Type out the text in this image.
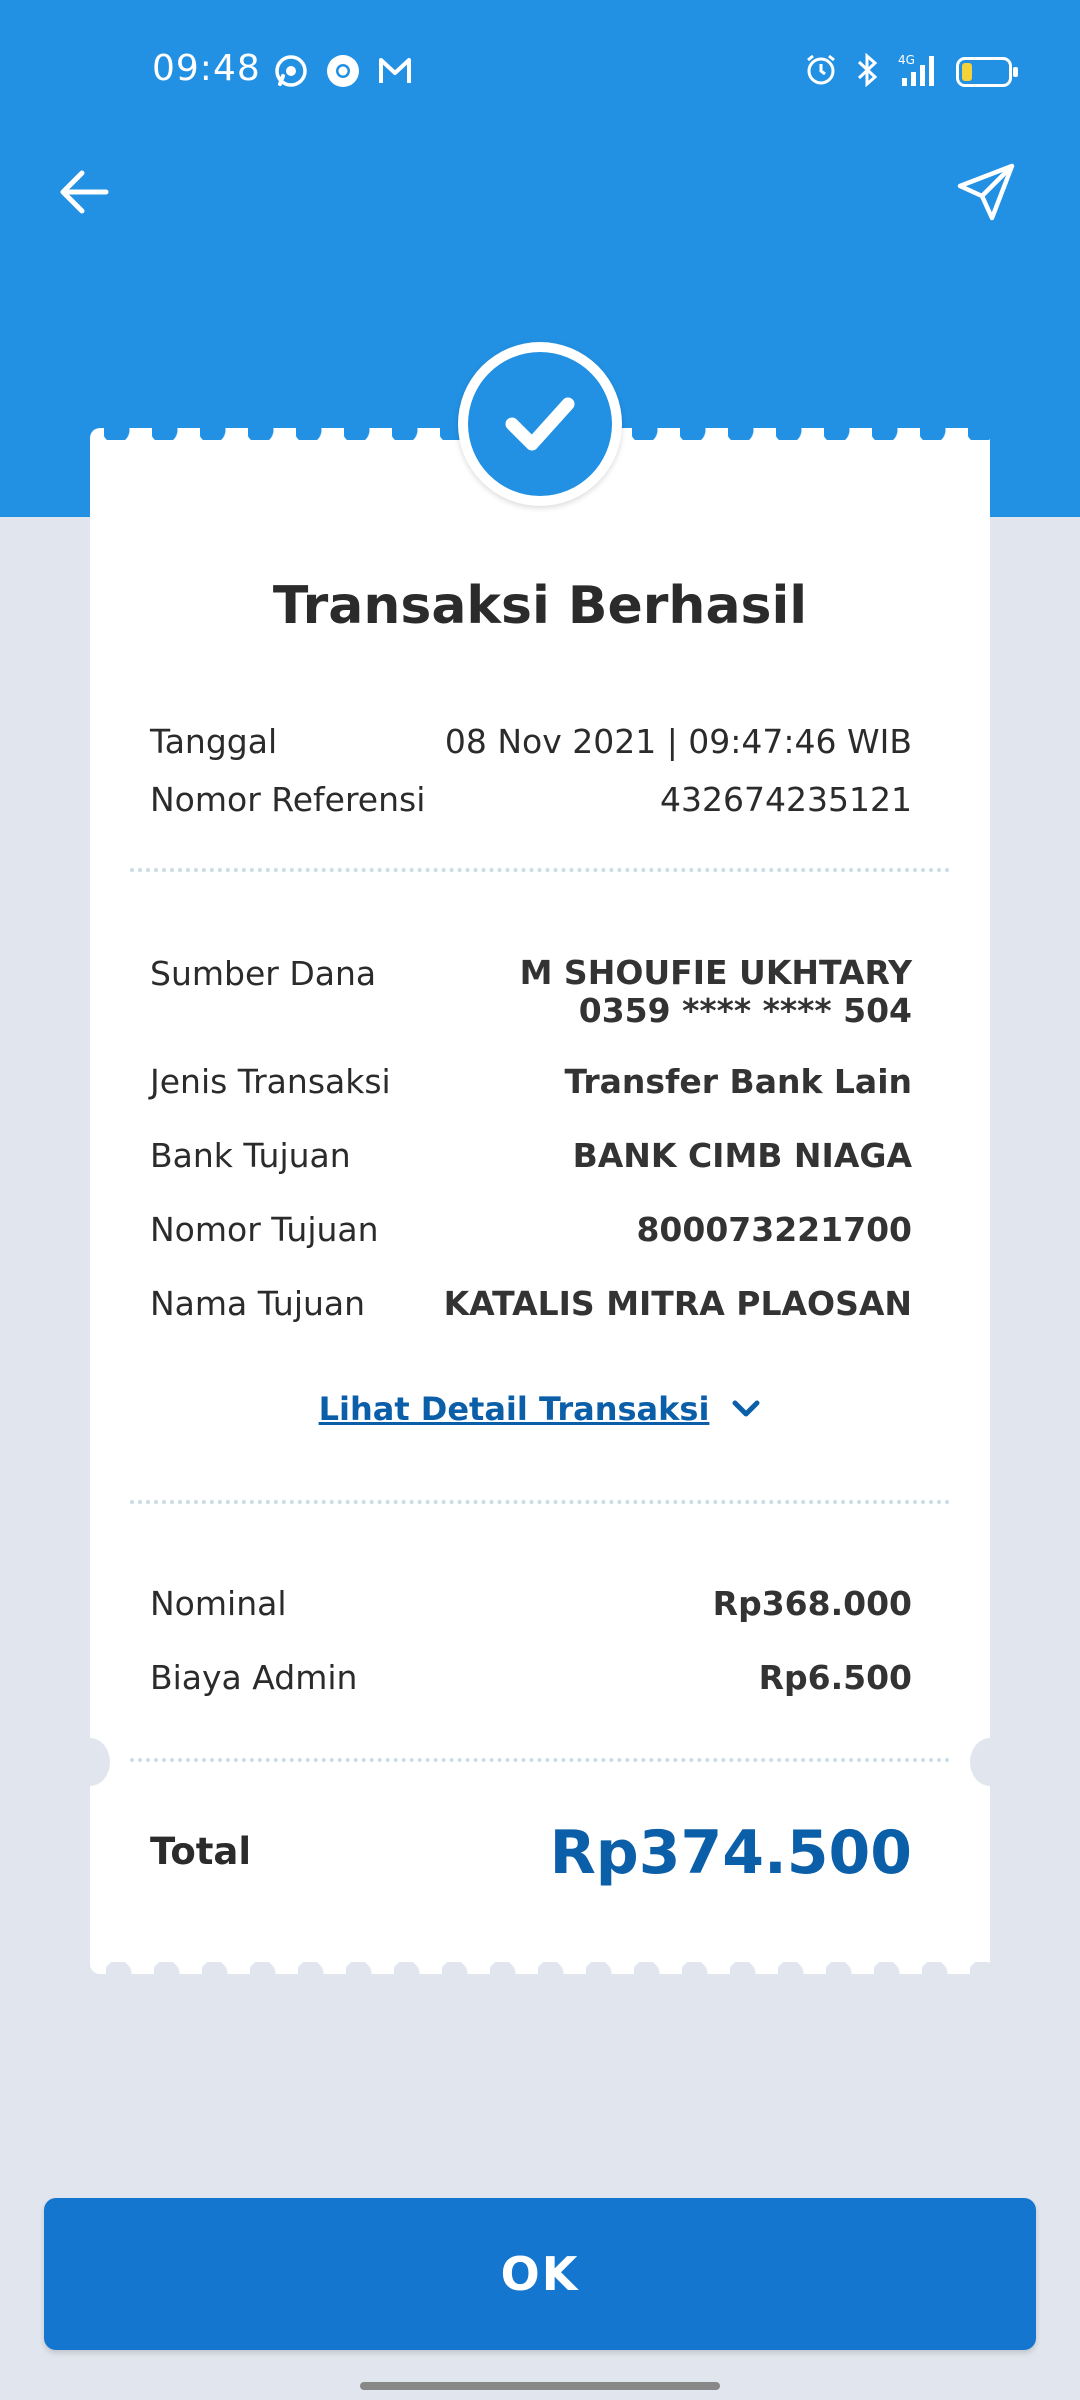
09:48	4G
Transaksi Berhasil
Tanggal	08 Nov 2021 | 09:47:46 WIB
Nomor Referensi	432674235121
Sumber Dana	M SHOUFIE UKHTARY
0359 **** **** 504
Jenis Transaksi	Transfer Bank Lain
Bank Tujuan	BANK CIMB NIAGA
Nomor Tujuan	800073221700
Nama Tujuan KATALIS MITRA PLAOSAN
Lihat Detail Transaksi
Nominal	Rp368.000
Biaya Admin	Rp6.500
Total	Rp374.500
OK
